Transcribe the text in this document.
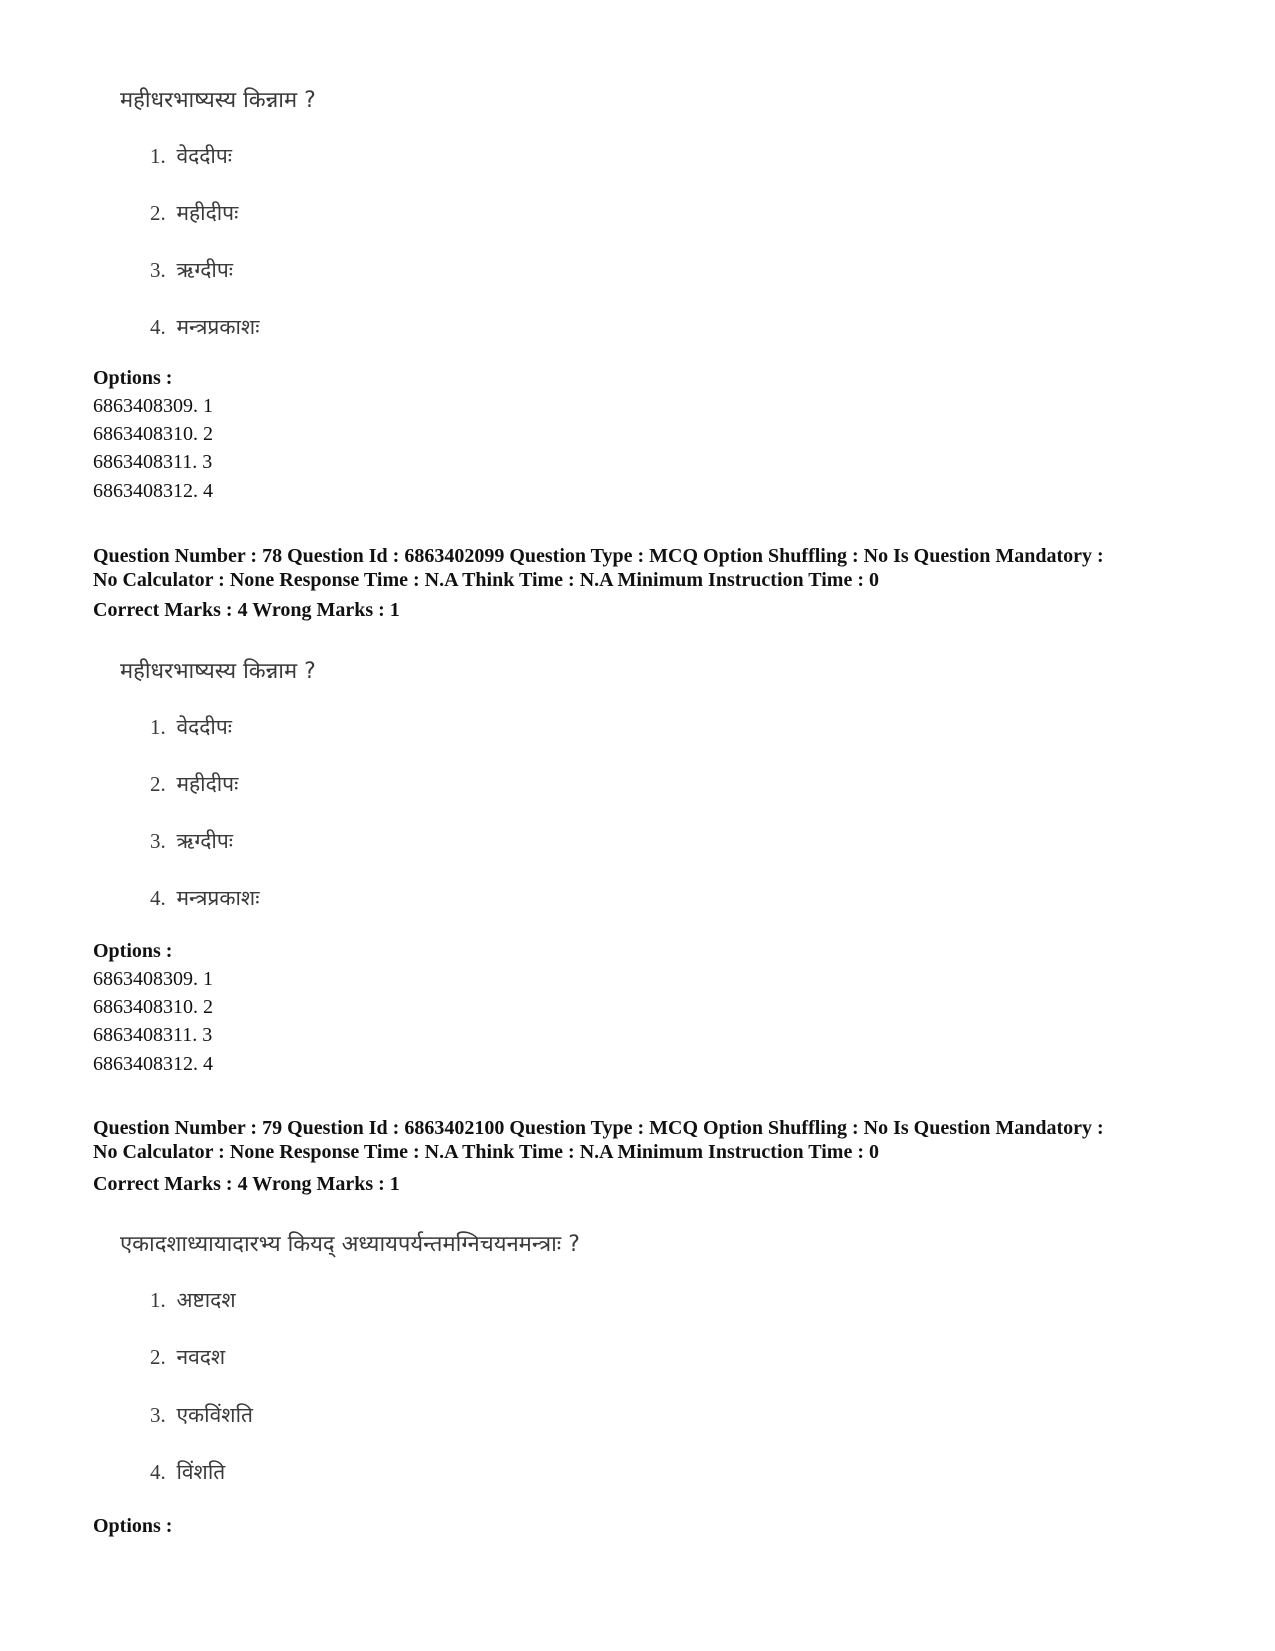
महीधरभाष्यस्य किन्नाम ?
1. वेददीपः
2. महीदीपः
3. ऋग्दीपः
4. मन्त्रप्रकाशः
Options :
6863408309. 1
6863408310. 2
6863408311. 3
6863408312. 4
Question Number : 78 Question Id : 6863402099 Question Type : MCQ Option Shuffling : No Is Question Mandatory :
No Calculator : None Response Time : N.A Think Time : N.A Minimum Instruction Time : 0
Correct Marks : 4 Wrong Marks : 1
महीधरभाष्यस्य किन्नाम ?
1. वेददीपः
2. महीदीपः
3. ऋग्दीपः
4. मन्त्रप्रकाशः
Options :
6863408309. 1
6863408310. 2
6863408311. 3
6863408312. 4
Question Number : 79 Question Id : 6863402100 Question Type : MCQ Option Shuffling : No Is Question Mandatory :
No Calculator : None Response Time : N.A Think Time : N.A Minimum Instruction Time : 0
Correct Marks : 4 Wrong Marks : 1
एकादशाध्यायादारभ्य कियद् अध्यायपर्यन्तमग्निचयनमन्त्राः ?
1. अष्टादश
2. नवदश
3. एकविंशति
4. विंशति
Options :
